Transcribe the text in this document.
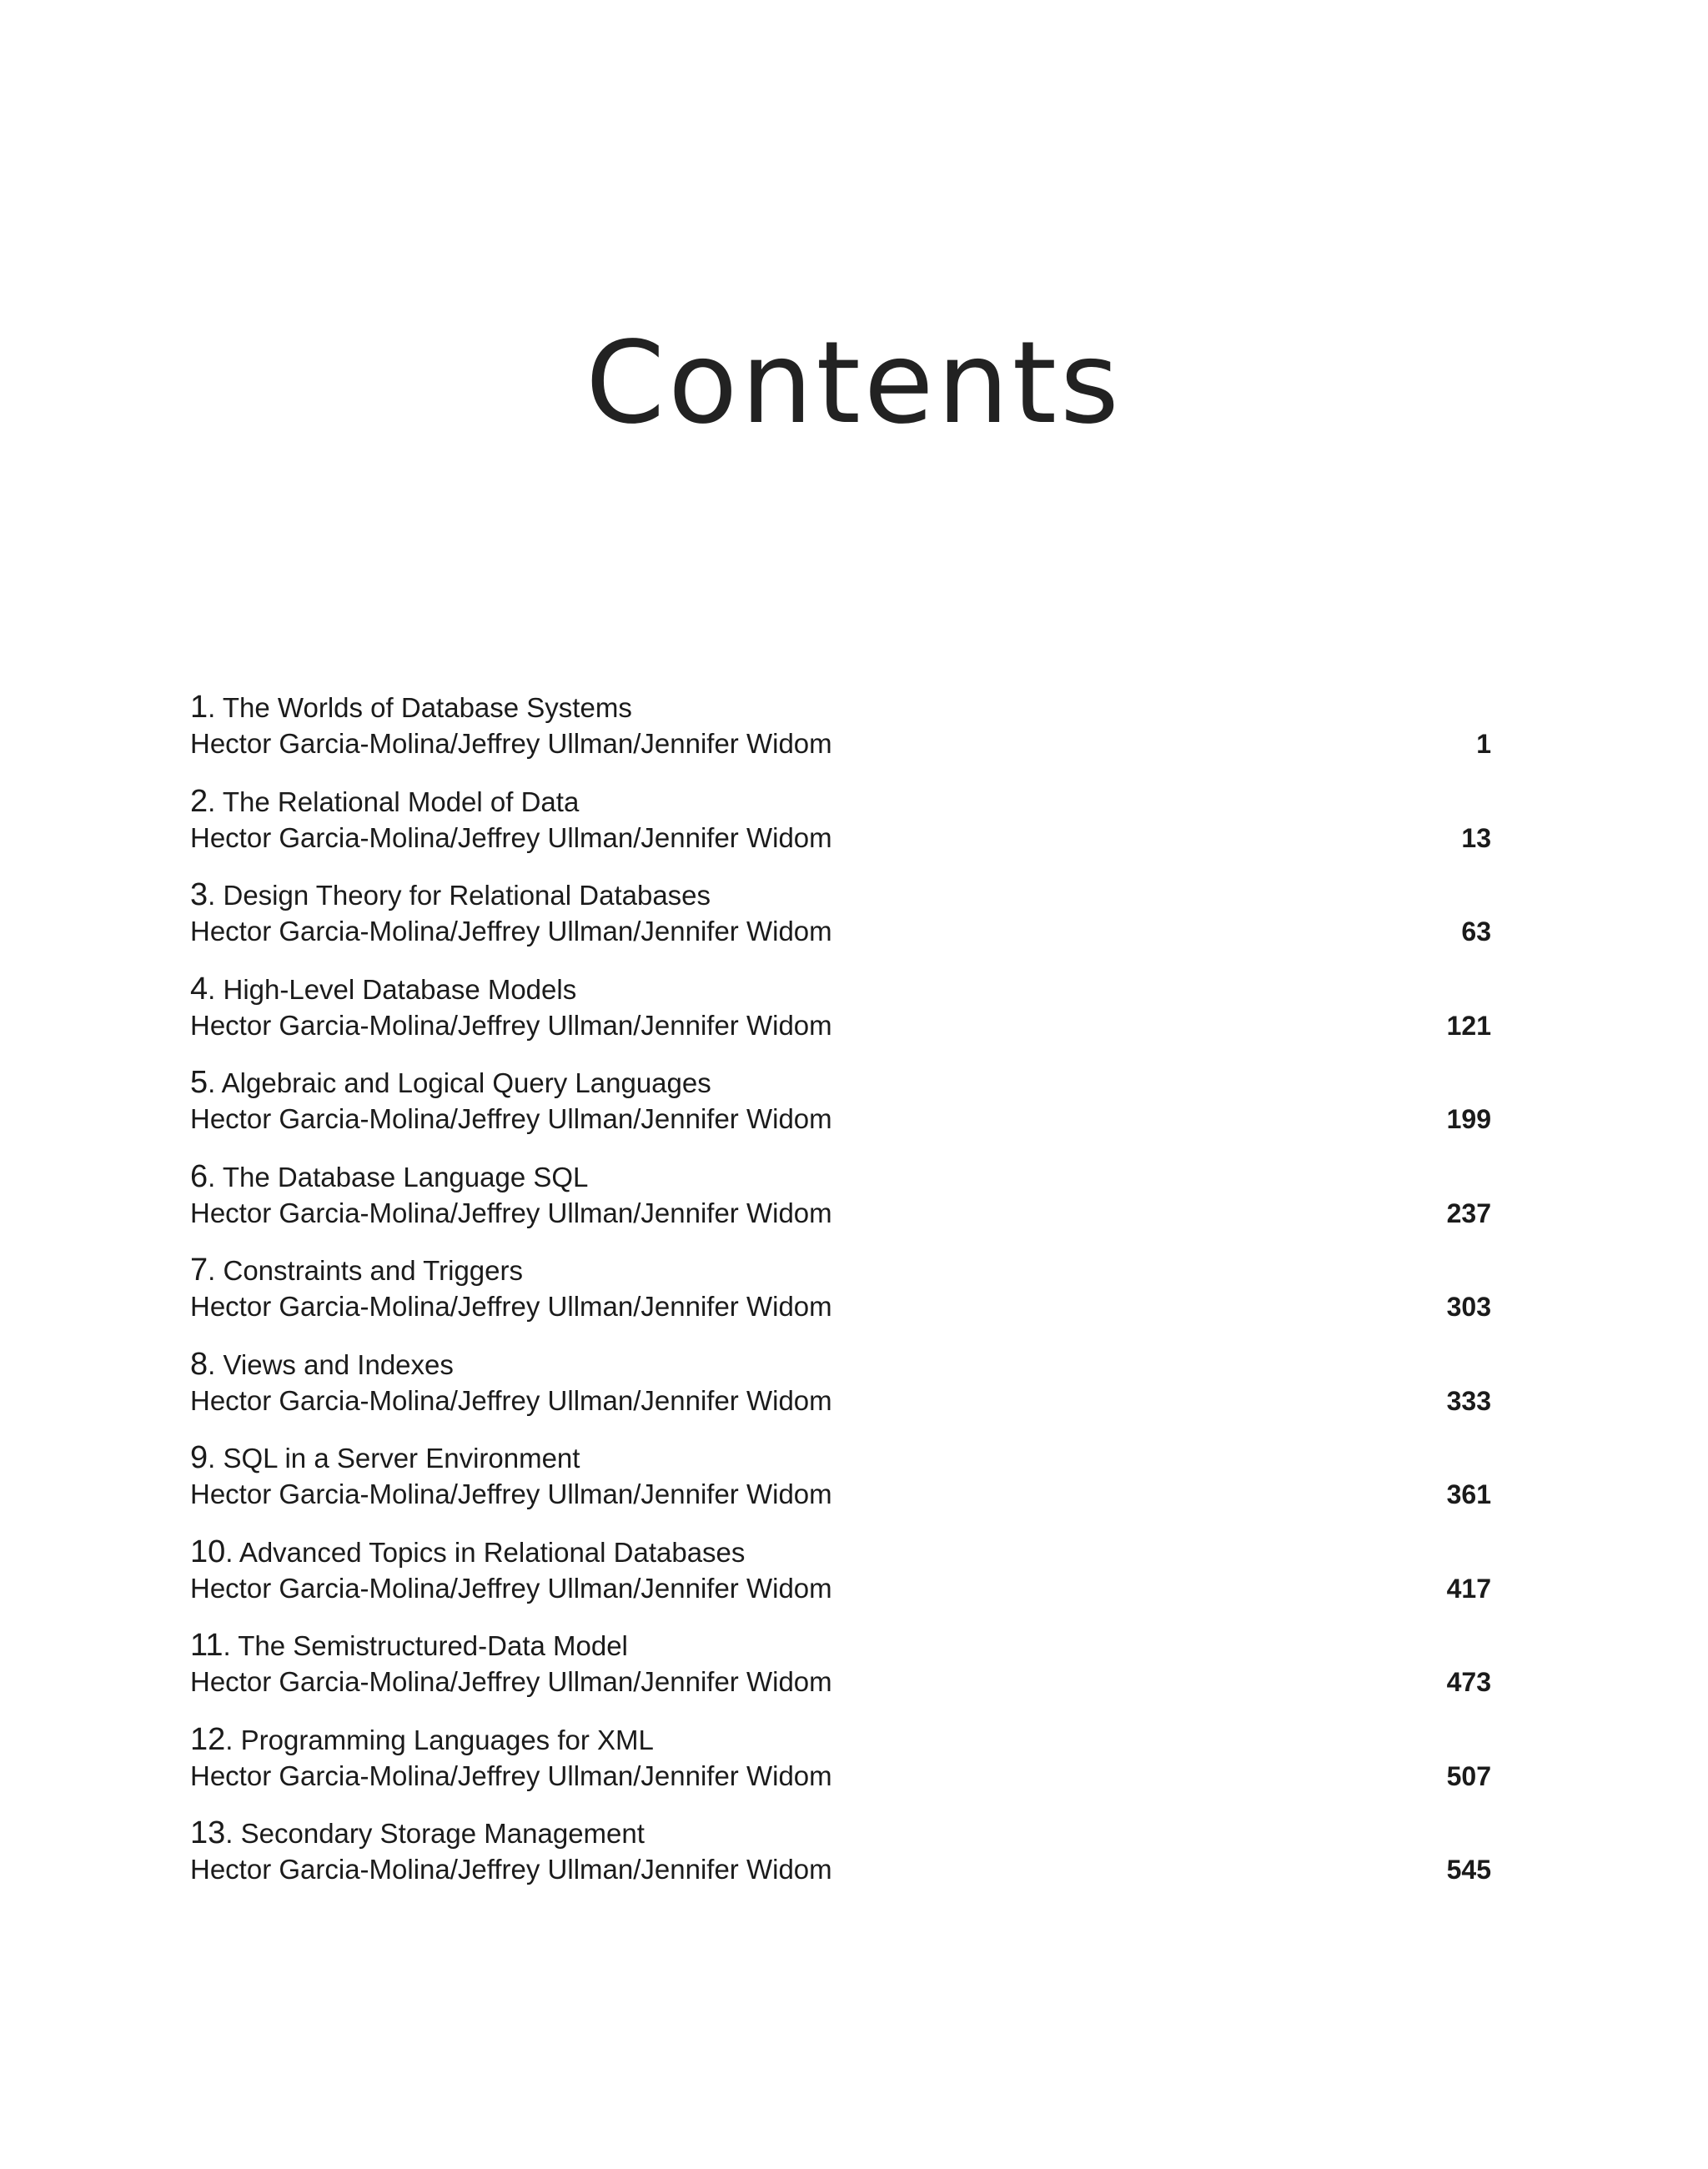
Contents
1. The Worlds of Database Systems
Hector Garcia-Molina/Jeffrey Ullman/Jennifer Widom	1
2. The Relational Model of Data
Hector Garcia-Molina/Jeffrey Ullman/Jennifer Widom	13
3. Design Theory for Relational Databases
Hector Garcia-Molina/Jeffrey Ullman/Jennifer Widom	63
4. High-Level Database Models
Hector Garcia-Molina/Jeffrey Ullman/Jennifer Widom	121
5. Algebraic and Logical Query Languages
Hector Garcia-Molina/Jeffrey Ullman/Jennifer Widom	199
6. The Database Language SQL
Hector Garcia-Molina/Jeffrey Ullman/Jennifer Widom	237
7. Constraints and Triggers
Hector Garcia-Molina/Jeffrey Ullman/Jennifer Widom	303
8. Views and Indexes
Hector Garcia-Molina/Jeffrey Ullman/Jennifer Widom	333
9. SQL in a Server Environment
Hector Garcia-Molina/Jeffrey Ullman/Jennifer Widom	361
10. Advanced Topics in Relational Databases
Hector Garcia-Molina/Jeffrey Ullman/Jennifer Widom	417
11. The Semistructured-Data Model
Hector Garcia-Molina/Jeffrey Ullman/Jennifer Widom	473
12. Programming Languages for XML
Hector Garcia-Molina/Jeffrey Ullman/Jennifer Widom	507
13. Secondary Storage Management
Hector Garcia-Molina/Jeffrey Ullman/Jennifer Widom	545
